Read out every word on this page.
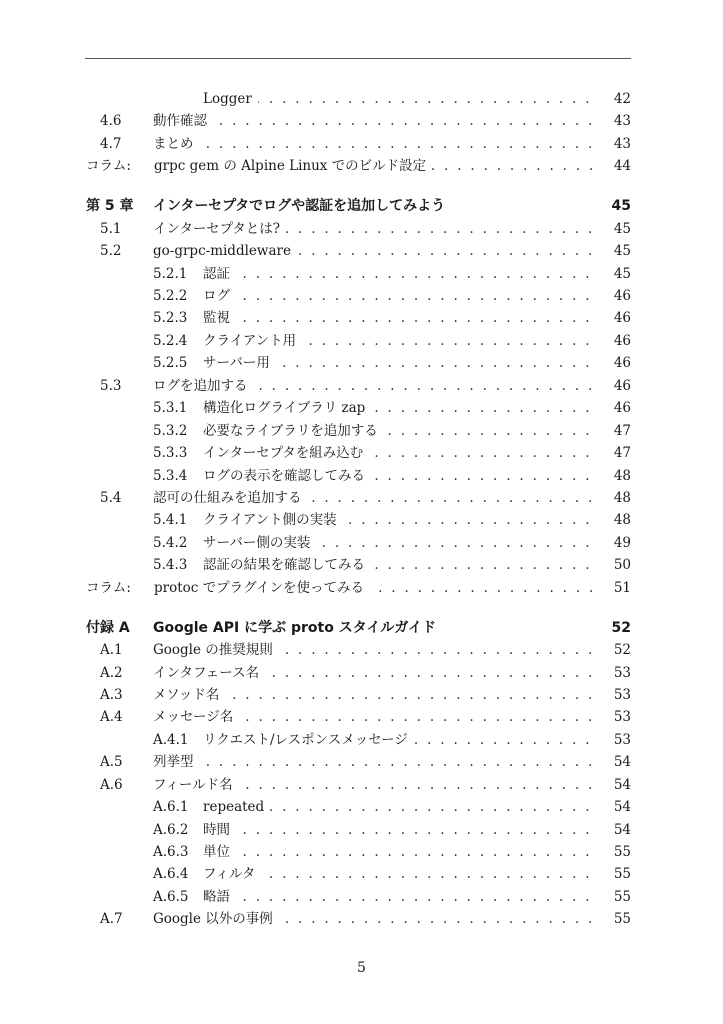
. . .
Logger	42
4.6 . . . 動作確認	43
4.7 . . . まとめ	43
コラム: . . . grpc gem の Alpine Linux でのビルド設定	44
第 5 章 インターセプタでログや認証を追加してみよう	45
5.1 . . . インターセプタとは?	45
5.2 . . . go-grpc-middleware	45
5.2.1 . . . 認証	45
5.2.2 . . . ログ	46
5.2.3 . . . 監視	46
5.2.4 . . . クライアント用	46
5.2.5 . . . サーバー用	46
5.3 . . . ログを追加する	46
5.3.1 . . . 構造化ログライブラリ zap	46
5.3.2 . . . 必要なライブラリを追加する	47
5.3.3 . . . インターセプタを組み込む	47
5.3.4 . . . ログの表示を確認してみる	48
5.4 . . . 認可の仕組みを追加する	48
5.4.1 . . . クライアント側の実装	48
5.4.2 . . . サーバー側の実装	49
5.4.3 . . . 認証の結果を確認してみる	50
コラム: . . . protoc でプラグインを使ってみる	51
付録 A Google API に学ぶ proto スタイルガイド	52
A.1 . . . Google の推奨規則	52
A.2 . . . インタフェース名	53
A.3 . . . メソッド名	53
A.4 . . . メッセージ名	53
A.4.1 . . . リクエスト/レスポンスメッセージ	53
A.5 . . . 列挙型	54
A.6 . . . フィールド名	54
A.6.1 . . . repeated	54
A.6.2 . . . 時間	54
A.6.3 . . . 単位	55
A.6.4 . . . フィルタ	55
A.6.5 . . . 略語	55
A.7 . . . Google 以外の事例	55
5
